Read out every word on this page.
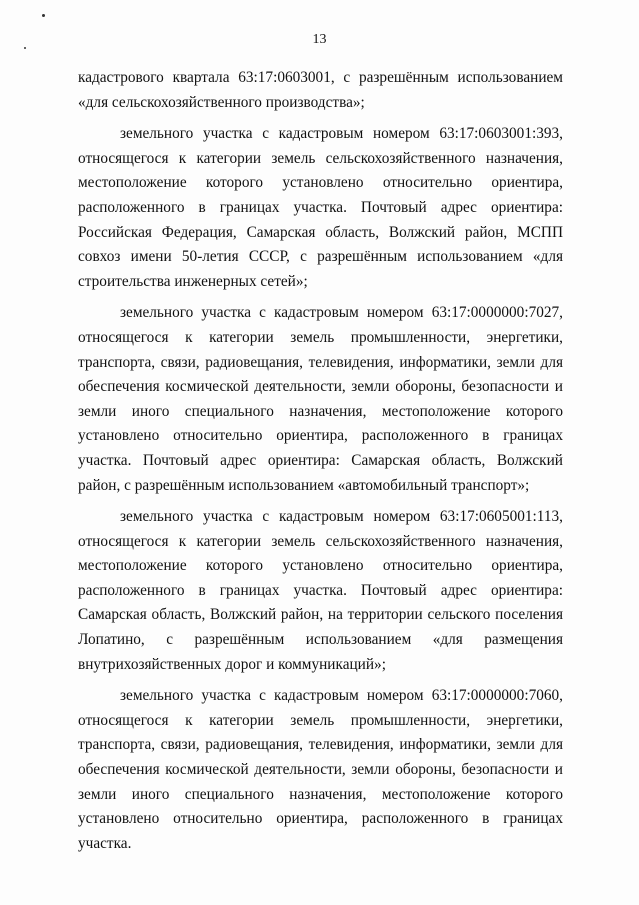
13

кадастрового квартала 63:17:0603001, с разрешённым использованием «для сельскохозяйственного производства»;

земельного участка с кадастровым номером 63:17:0603001:393, относящегося к категории земель сельскохозяйственного назначения, местоположение которого установлено относительно ориентира, расположенного в границах участка. Почтовый адрес ориентира: Российская Федерация, Самарская область, Волжский район, МСПП совхоз имени 50-летия СССР, с разрешённым использованием «для строительства инженерных сетей»;

земельного участка с кадастровым номером 63:17:0000000:7027, относящегося к категории земель промышленности, энергетики, транспорта, связи, радиовещания, телевидения, информатики, земли для обеспечения космической деятельности, земли обороны, безопасности и земли иного специального назначения, местоположение которого установлено относительно ориентира, расположенного в границах участка. Почтовый адрес ориентира: Самарская область, Волжский район, с разрешённым использованием «автомобильный транспорт»;

земельного участка с кадастровым номером 63:17:0605001:113, относящегося к категории земель сельскохозяйственного назначения, местоположение которого установлено относительно ориентира, расположенного в границах участка. Почтовый адрес ориентира: Самарская область, Волжский район, на территории сельского поселения Лопатино, с разрешённым использованием «для размещения внутрихозяйственных дорог и коммуникаций»;

земельного участка с кадастровым номером 63:17:0000000:7060, относящегося к категории земель промышленности, энергетики, транспорта, связи, радиовещания, телевидения, информатики, земли для обеспечения космической деятельности, земли обороны, безопасности и земли иного специального назначения, местоположение которого установлено относительно ориентира, расположенного в границах участка.
